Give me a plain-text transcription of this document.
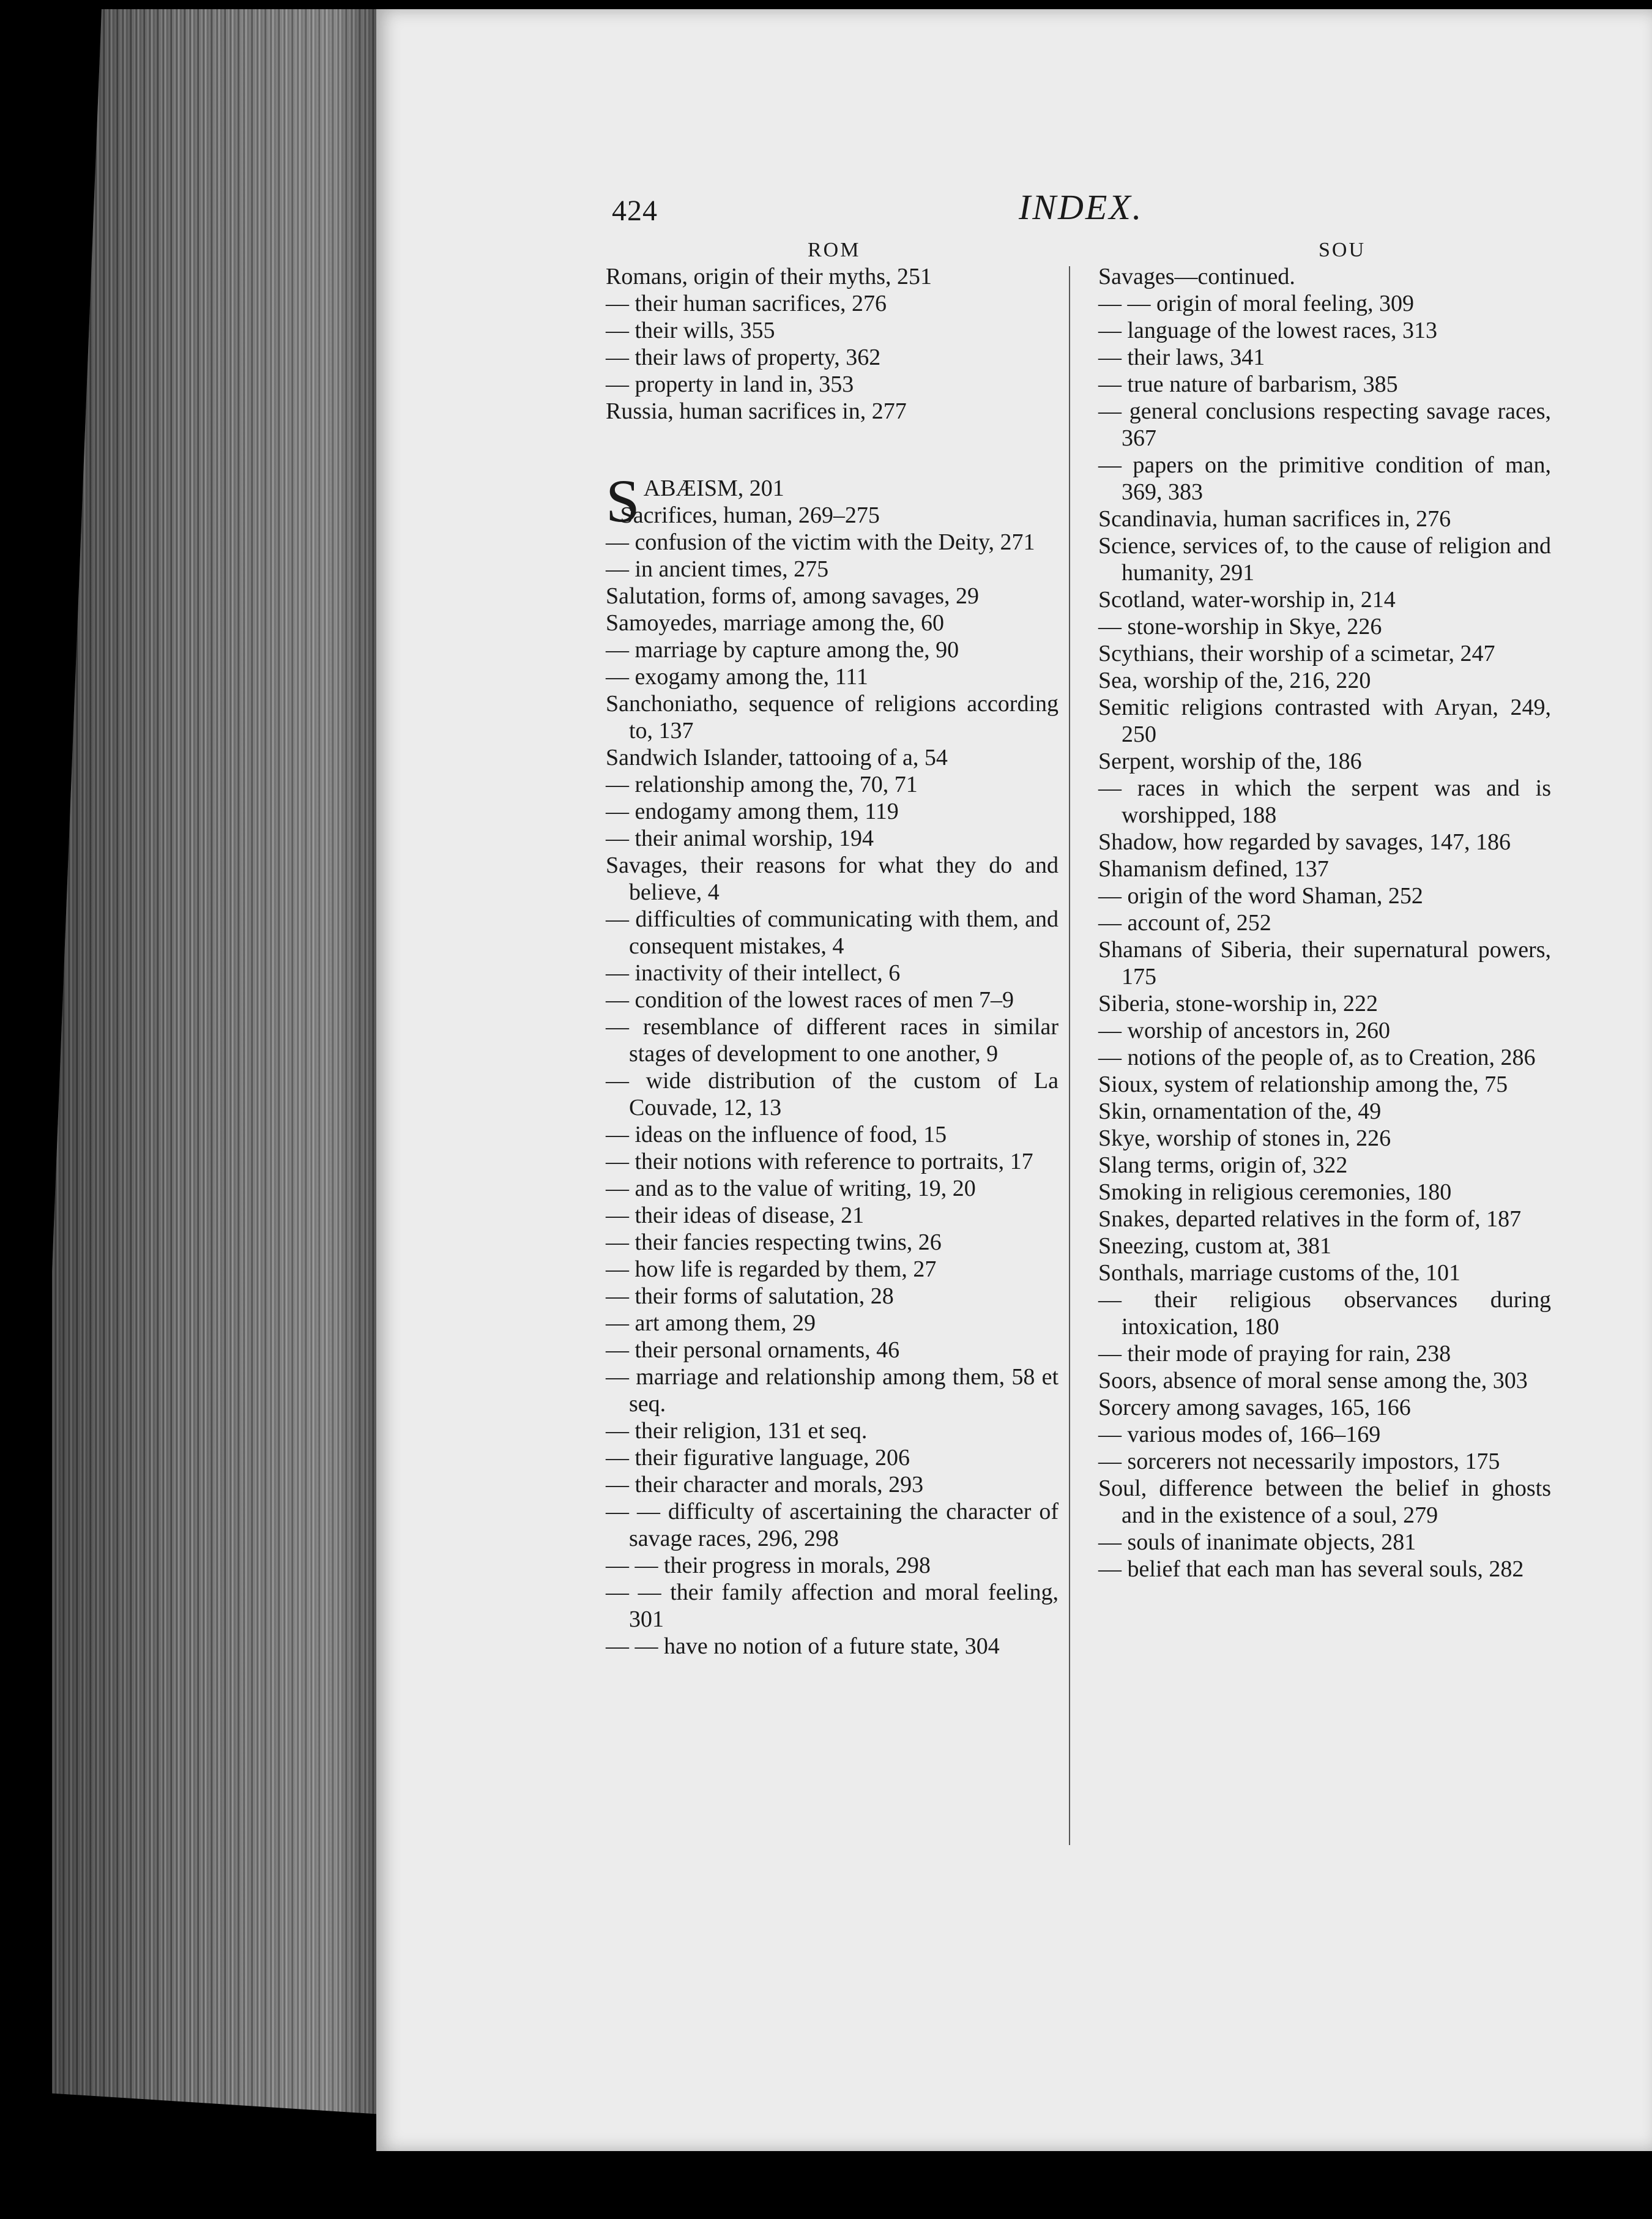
424	INDEX.
ROM	SOU

Romans, origin of their myths, 251

— their human sacrifices, 276

— their wills, 355

— their laws of property, 362

— property in land in, 353

Russia, human sacrifices in, 277

SABÆISM, 201

Sacrifices, human, 269–275

— confusion of the victim with the Deity, 271

— in ancient times, 275

Salutation, forms of, among savages, 29

Samoyedes, marriage among the, 60

— marriage by capture among the, 90

— exogamy among the, 111

Sanchoniatho, sequence of religions according to, 137

Sandwich Islander, tattooing of a, 54

— relationship among the, 70, 71

— endogamy among them, 119

— their animal worship, 194

Savages, their reasons for what they do and believe, 4

— difficulties of communicating with them, and consequent mistakes, 4

— inactivity of their intellect, 6

— condition of the lowest races of men 7–9

— resemblance of different races in similar stages of development to one another, 9

— wide distribution of the custom of La Couvade, 12, 13

— ideas on the influence of food, 15

— their notions with reference to portraits, 17

— and as to the value of writing, 19, 20

— their ideas of disease, 21

— their fancies respecting twins, 26

— how life is regarded by them, 27

— their forms of salutation, 28

— art among them, 29

— their personal ornaments, 46

— marriage and relationship among them, 58 et seq.

— their religion, 131 et seq.

— their figurative language, 206

— their character and morals, 293

— — difficulty of ascertaining the character of savage races, 296, 298

— — their progress in morals, 298

— — their family affection and moral feeling, 301

— — have no notion of a future state, 304

Savages—continued.

— — origin of moral feeling, 309

— language of the lowest races, 313

— their laws, 341

— true nature of barbarism, 385

— general conclusions respecting savage races, 367

— papers on the primitive condition of man, 369, 383

Scandinavia, human sacrifices in, 276

Science, services of, to the cause of religion and humanity, 291

Scotland, water-worship in, 214

— stone-worship in Skye, 226

Scythians, their worship of a scimetar, 247

Sea, worship of the, 216, 220

Semitic religions contrasted with Aryan, 249, 250

Serpent, worship of the, 186

— races in which the serpent was and is worshipped, 188

Shadow, how regarded by savages, 147, 186

Shamanism defined, 137

— origin of the word Shaman, 252

— account of, 252

Shamans of Siberia, their supernatural powers, 175

Siberia, stone-worship in, 222

— worship of ancestors in, 260

— notions of the people of, as to Creation, 286

Sioux, system of relationship among the, 75

Skin, ornamentation of the, 49

Skye, worship of stones in, 226

Slang terms, origin of, 322

Smoking in religious ceremonies, 180

Snakes, departed relatives in the form of, 187

Sneezing, custom at, 381

Sonthals, marriage customs of the, 101

— their religious observances during intoxication, 180

— their mode of praying for rain, 238

Soors, absence of moral sense among the, 303

Sorcery among savages, 165, 166

— various modes of, 166–169

— sorcerers not necessarily impostors, 175

Soul, difference between the belief in ghosts and in the existence of a soul, 279

— souls of inanimate objects, 281

— belief that each man has several souls, 282
